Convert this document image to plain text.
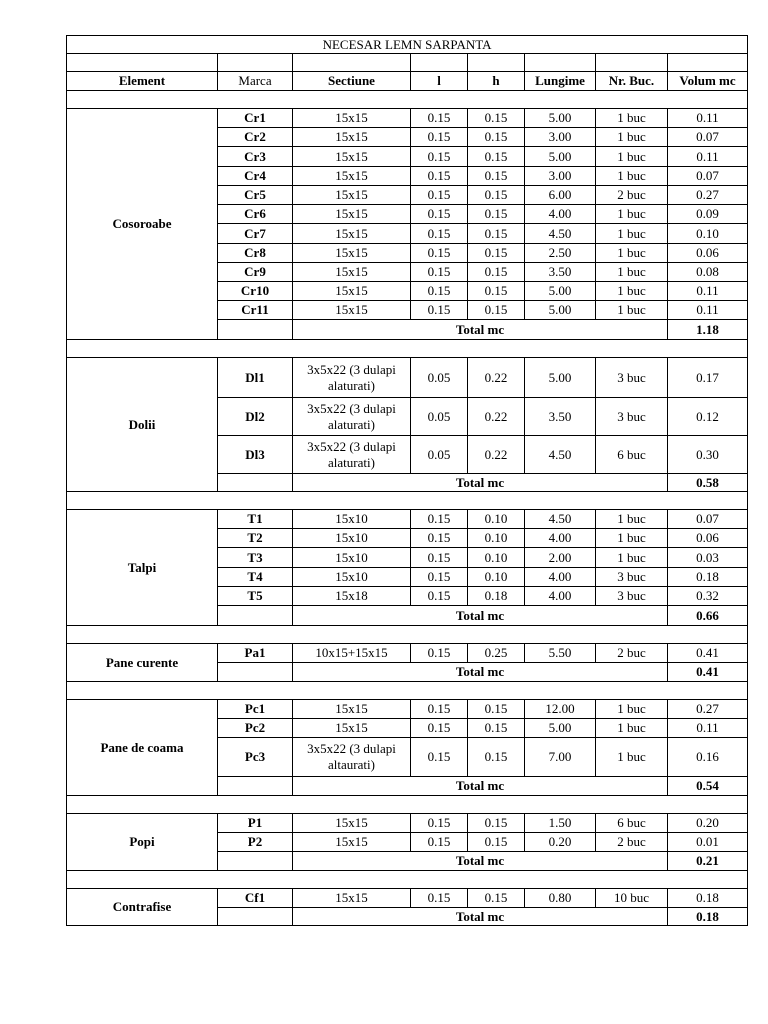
NECESAR LEMN SARPANTA							

Element	Marca	Sectiune	l	h	Lungime	Nr. Buc.	Volum mc

Cosoroabe	Cr1	15x15	0.15	0.15	5.00	1 buc	0.11
	Cr2	15x15	0.15	0.15	3.00	1 buc	0.07
	Cr3	15x15	0.15	0.15	5.00	1 buc	0.11
	Cr4	15x15	0.15	0.15	3.00	1 buc	0.07
	Cr5	15x15	0.15	0.15	6.00	2 buc	0.27
	Cr6	15x15	0.15	0.15	4.00	1 buc	0.09
	Cr7	15x15	0.15	0.15	4.50	1 buc	0.10
	Cr8	15x15	0.15	0.15	2.50	1 buc	0.06
	Cr9	15x15	0.15	0.15	3.50	1 buc	0.08
	Cr10	15x15	0.15	0.15	5.00	1 buc	0.11
	Cr11	15x15	0.15	0.15	5.00	1 buc	0.11
		Total mc					1.18

Dolii	Dl1	3x5x22 (3 dulapi alaturati)	0.05	0.22	5.00	3 buc	0.17
	Dl2	3x5x22 (3 dulapi alaturati)	0.05	0.22	3.50	3 buc	0.12
	Dl3	3x5x22 (3 dulapi alaturati)	0.05	0.22	4.50	6 buc	0.30
		Total mc					0.58

Talpi	T1	15x10	0.15	0.10	4.50	1 buc	0.07
	T2	15x10	0.15	0.10	4.00	1 buc	0.06
	T3	15x10	0.15	0.10	2.00	1 buc	0.03
	T4	15x10	0.15	0.10	4.00	3 buc	0.18
	T5	15x18	0.15	0.18	4.00	3 buc	0.32
		Total mc					0.66

Pane curente	Pa1	10x15+15x15	0.15	0.25	5.50	2 buc	0.41
		Total mc					0.41

Pane de coama	Pc1	15x15	0.15	0.15	12.00	1 buc	0.27
	Pc2	15x15	0.15	0.15	5.00	1 buc	0.11
	Pc3	3x5x22 (3 dulapi altaurati)	0.15	0.15	7.00	1 buc	0.16
		Total mc					0.54

Popi	P1	15x15	0.15	0.15	1.50	6 buc	0.20
	P2	15x15	0.15	0.15	0.20	2 buc	0.01
		Total mc					0.21

Contrafise	Cf1	15x15	0.15	0.15	0.80	10 buc	0.18
		Total mc					0.18
